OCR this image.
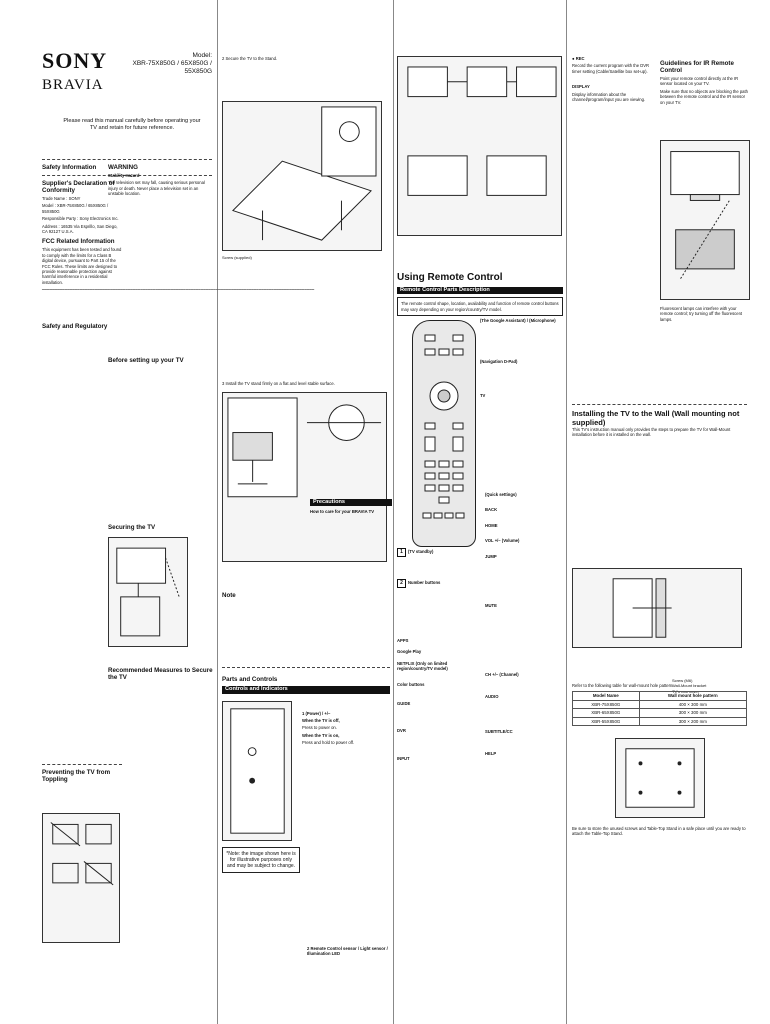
SONY
BRAVIA
Model:
XBR-75X850G / 65X850G / 55X850G
Please read this manual carefully before operating your TV and retain for future reference.
Safety Information
Supplier's Declaration of Conformity

Trade Name : SONY

Model : XBR-75X850G / 65X850G / 55X850G

Responsible Party : Sony Electronics Inc.

Address : 16535 Via Esprillo, San Diego, CA 92127 U.S.A.

FCC Related Information

This equipment has been tested and found to comply with the limits for a Class B digital device, pursuant to Part 15 of the FCC Rules. These limits are designed to provide reasonable protection against harmful interference in a residential installation.

━━━━━━━━━━━━━━━━━━━━━━━━━━━━━━━━━━━━━━━━━━━━━━━━━━━━━━━━━━━━━━━━━━━━━━━━━━━━━━━━━━━━━━━━━━━━━━━━━━━━━━━━━━━━

Safety and Regulatory
Preventing the TV from Toppling
WARNING

Stability Hazard

The television set may fall, causing serious personal injury or death. Never place a television set in an unstable location.

Before setting up your TV
Securing the TV
Recommended Measures to Secure the TV

2 Secure the TV to the Stand.

Screw (supplied)

3 Install the TV stand firmly on a flat and level stable surface.

Note
Parts and Controls
Controls and Indicators

1 (Power) / +/–

When the TV is off,

Press to power on.

When the TV is on,

Press and hold to power off.

*Note: the image shown here is for illustrative purposes only and may be subject to change.

2 Remote Control sensor / Light sensor / Illumination LED

Precautions

How to care for your BRAVIA TV

Using Remote Control
Remote Control Parts Description
The remote control shape, location, availability and function of remote control buttons may vary depending on your region/country/TV model.

(The Google Assistant) / (Microphone)

(Navigation D-Pad)

TV

1 (TV standby)

2 Number buttons

APPS

Google Play

NETFLIX (Only on limited region/country/TV model)

Color buttons

GUIDE

DVR

INPUT

(Quick settings)

BACK

HOME

VOL +/– (Volume)

JUMP

MUTE

CH +/– (Channel)

AUDIO

SUBTITLE/CC

HELP

● REC

Record the current program with the DVR timer setting (Cable/Satellite box set-up).

DISPLAY

Display information about the channel/program/input you are viewing.

Guidelines for IR Remote Control

Point your remote control directly at the IR sensor located on your TV.

Make sure that no objects are blocking the path between the remote control and the IR sensor on your TV.

Fluorescent lamps can interfere with your remote control; try turning off the fluorescent lamps.

Installing the TV to the Wall (Wall mounting not supplied)

This TV's instruction manual only provides the steps to prepare the TV for Wall-Mount installation before it is installed on the wall.

Screw (M6)
Wall-Mount bracket
TV's rear cover

Refer to the following table for wall-mount hole pattern.

Model Name	Wall mount hole pattern
XBR-75X850G	400 × 300 mm
XBR-65X850G	300 × 300 mm
XBR-55X850G	300 × 200 mm

Be sure to store the unused screws and Table-Top Stand in a safe place until you are ready to attach the Table-Top Stand.
